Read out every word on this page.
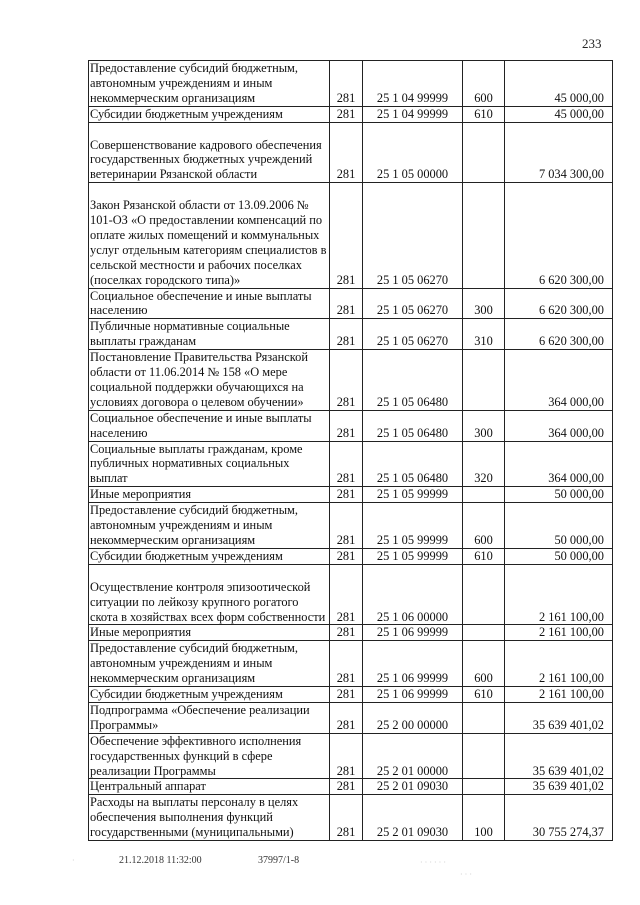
233
Предоставление субсидий бюджетным, автономным учреждениям и иным некоммерческим организациям	281	25 1 04 99999	600	45 000,00
Субсидии бюджетным учреждениям	281	25 1 04 99999	610	45 000,00
Совершенствование кадрового обеспечения государственных бюджетных учреждений ветеринарии Рязанской области	281	25 1 05 00000		7 034 300,00
Закон Рязанской области от 13.09.2006 № 101-ОЗ «О предоставлении компенсаций по оплате жилых помещений и коммунальных услуг отдельным категориям специалистов в сельской местности и рабочих поселках (поселках городского типа)»	281	25 1 05 06270		6 620 300,00
Социальное обеспечение и иные выплаты населению	281	25 1 05 06270	300	6 620 300,00
Публичные нормативные социальные выплаты гражданам	281	25 1 05 06270	310	6 620 300,00
Постановление Правительства Рязанской области от 11.06.2014 № 158 «О мере социальной поддержки обучающихся на условиях договора о целевом обучении»	281	25 1 05 06480		364 000,00
Социальное обеспечение и иные выплаты населению	281	25 1 05 06480	300	364 000,00
Социальные выплаты гражданам, кроме публичных нормативных социальных выплат	281	25 1 05 06480	320	364 000,00
Иные мероприятия	281	25 1 05 99999		50 000,00
Предоставление субсидий бюджетным, автономным учреждениям и иным некоммерческим организациям	281	25 1 05 99999	600	50 000,00
Субсидии бюджетным учреждениям	281	25 1 05 99999	610	50 000,00
Осуществление контроля эпизоотической ситуации по лейкозу крупного рогатого скота в хозяйствах всех форм собственности	281	25 1 06 00000		2 161 100,00
Иные мероприятия	281	25 1 06 99999		2 161 100,00
Предоставление субсидий бюджетным, автономным учреждениям и иным некоммерческим организациям	281	25 1 06 99999	600	2 161 100,00
Субсидии бюджетным учреждениям	281	25 1 06 99999	610	2 161 100,00
Подпрограмма «Обеспечение реализации Программы»	281	25 2 00 00000		35 639 401,02
Обеспечение эффективного исполнения государственных функций в сфере реализации Программы	281	25 2 01 00000		35 639 401,02
Центральный аппарат	281	25 2 01 09030		35 639 401,02
Расходы на выплаты персоналу в целях обеспечения выполнения функций государственными (муниципальными)	281	25 2 01 09030	100	30 755 274,37
21.12.2018 11:32:00	37997/1-8
·	· · · · · ·
· · ·
